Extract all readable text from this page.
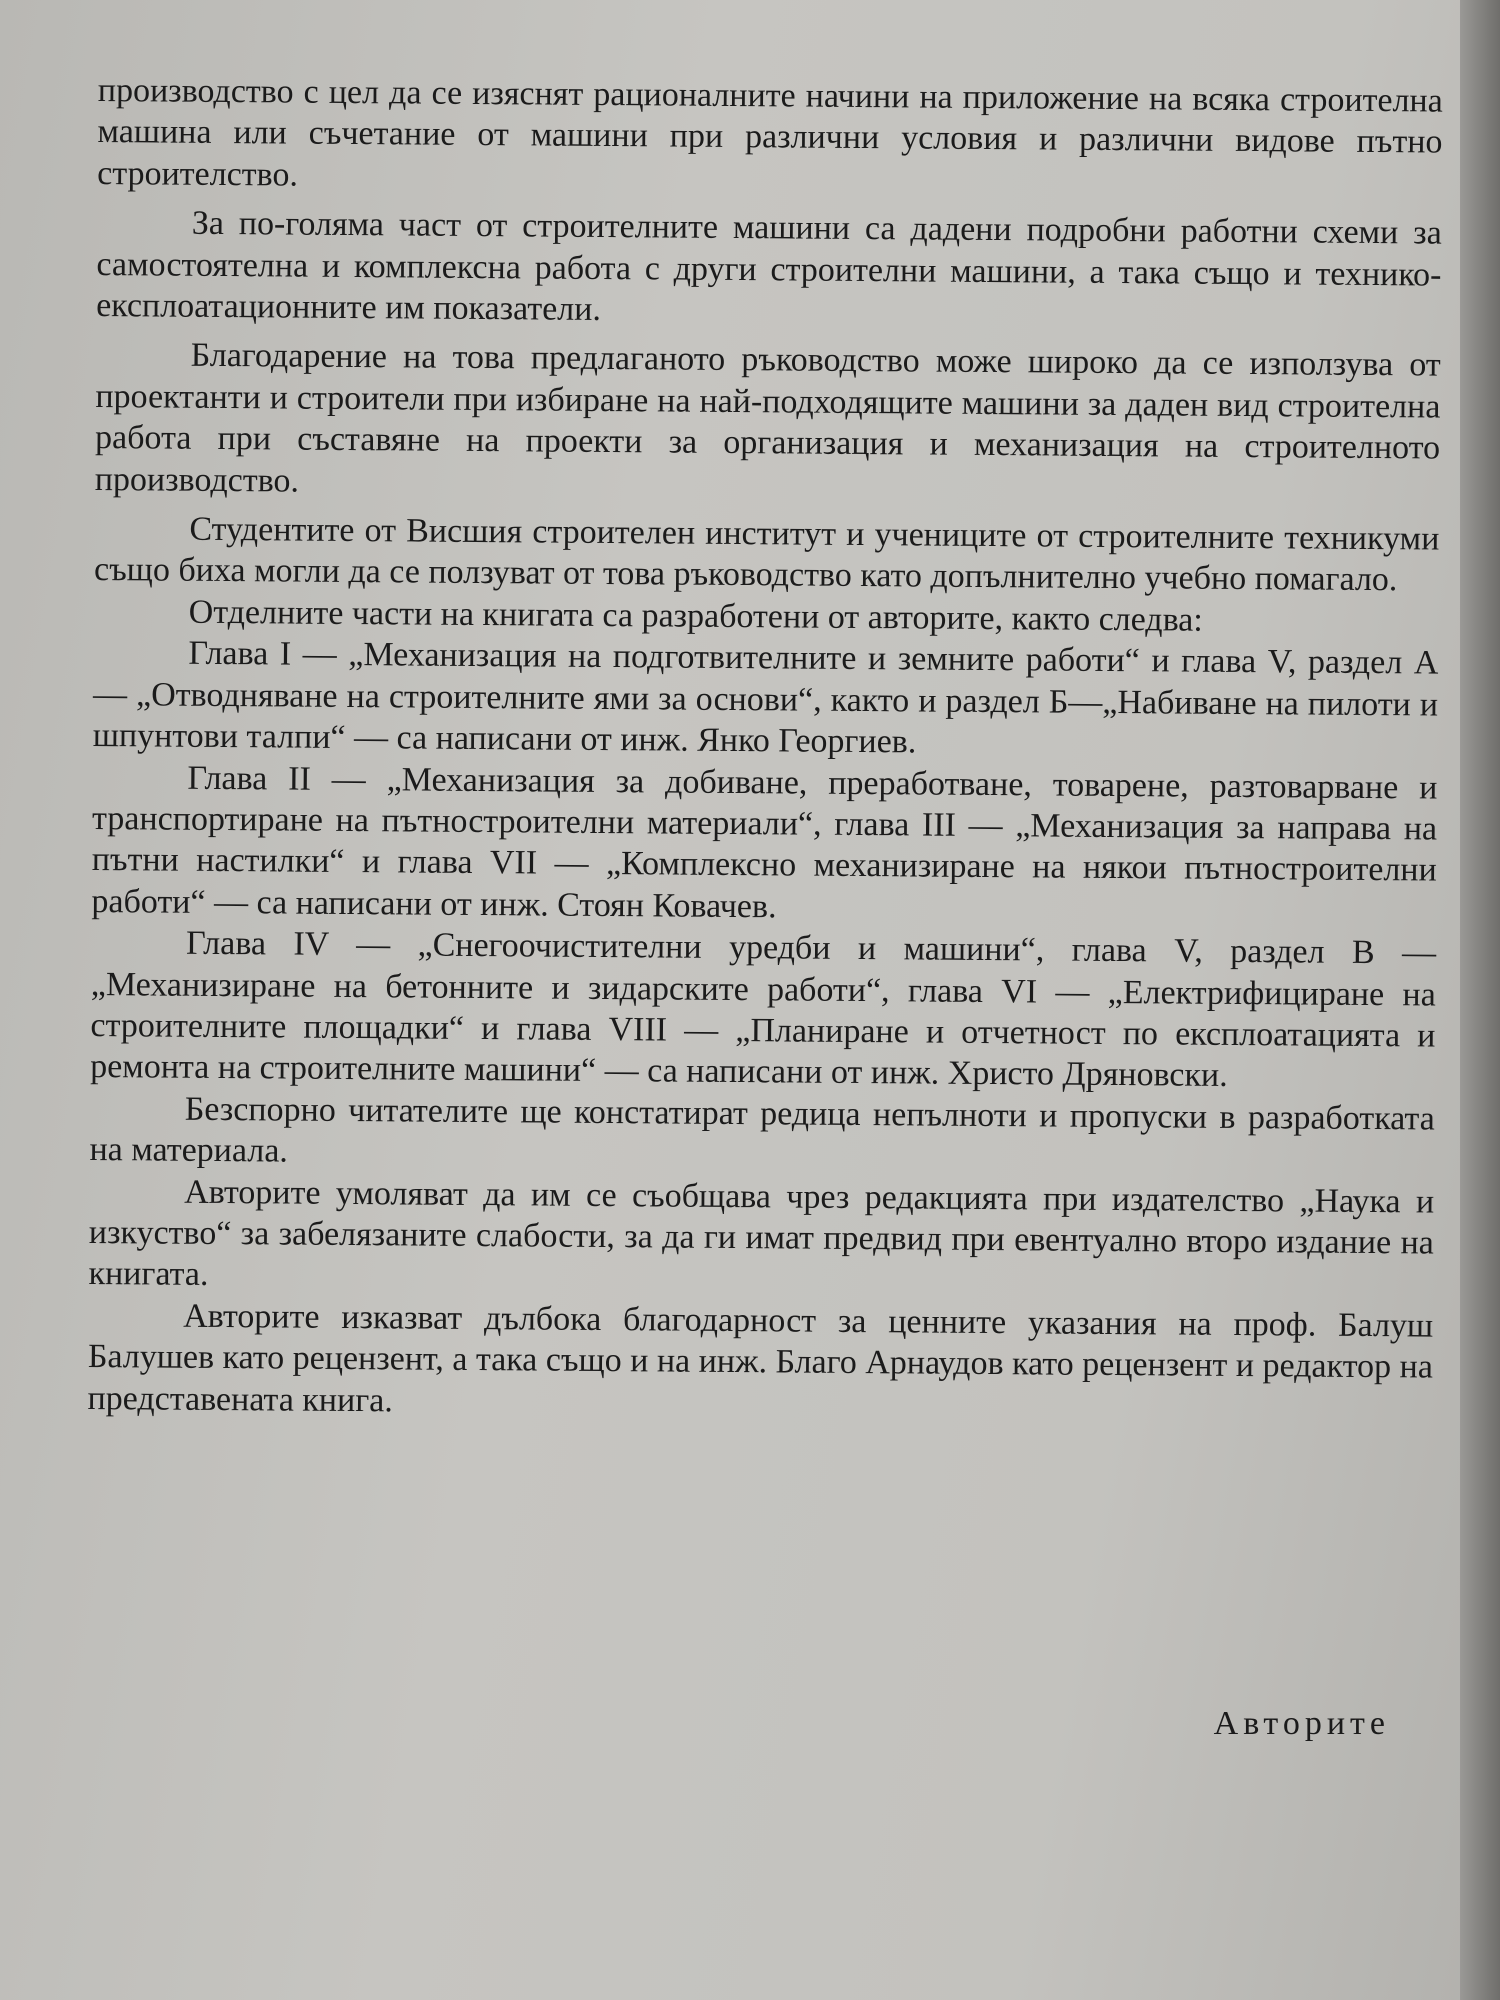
производство с цел да се изяснят рационалните начини на приложение на всяка строителна машина или съчетание от машини при различни условия и различни видове пътно строителство.

За по-голяма част от строителните машини са дадени подробни работни схеми за самостоятелна и комплексна работа с други строителни машини, а така също и технико-експлоатационните им показатели.

Благодарение на това предлаганото ръководство може широко да се използува от проектанти и строители при избиране на най-подходящите машини за даден вид строителна работа при съставяне на проекти за организация и механизация на строителното производство.

Студентите от Висшия строителен институт и учениците от строителните техникуми също биха могли да се ползуват от това ръководство като допълнително учебно помагало.

Отделните части на книгата са разработени от авторите, както следва:

Глава I — „Механизация на подготвителните и земните работи“ и глава V, раздел А — „Отводняване на строителните ями за основи“, както и раздел Б—„Набиване на пилоти и шпунтови талпи“ — са написани от инж. Янко Георгиев.

Глава II — „Механизация за добиване, преработване, товарене, разтоварване и транспортиране на пътностроителни материали“, глава III — „Механизация за направа на пътни настилки“ и глава VII — „Комплексно механизиране на някои пътностроителни работи“ — са написани от инж. Стоян Ковачев.

Глава IV — „Снегоочистителни уредби и машини“, глава V, раздел В — „Механизиране на бетонните и зидарските работи“, глава VI — „Електрифициране на строителните площадки“ и глава VIII — „Планиране и отчетност по експлоатацията и ремонта на строителните машини“ — са написани от инж. Христо Дряновски.

Безспорно читателите ще констатират редица непълноти и пропуски в разработката на материала.

Авторите умоляват да им се съобщава чрез редакцията при издателство „Наука и изкуство“ за забелязаните слабости, за да ги имат предвид при евентуално второ издание на книгата.

Авторите изказват дълбока благодарност за ценните указания на проф. Балуш Балушев като рецензент, а така също и на инж. Благо Арнаудов като рецензент и редактор на представената книга.

Авторите
